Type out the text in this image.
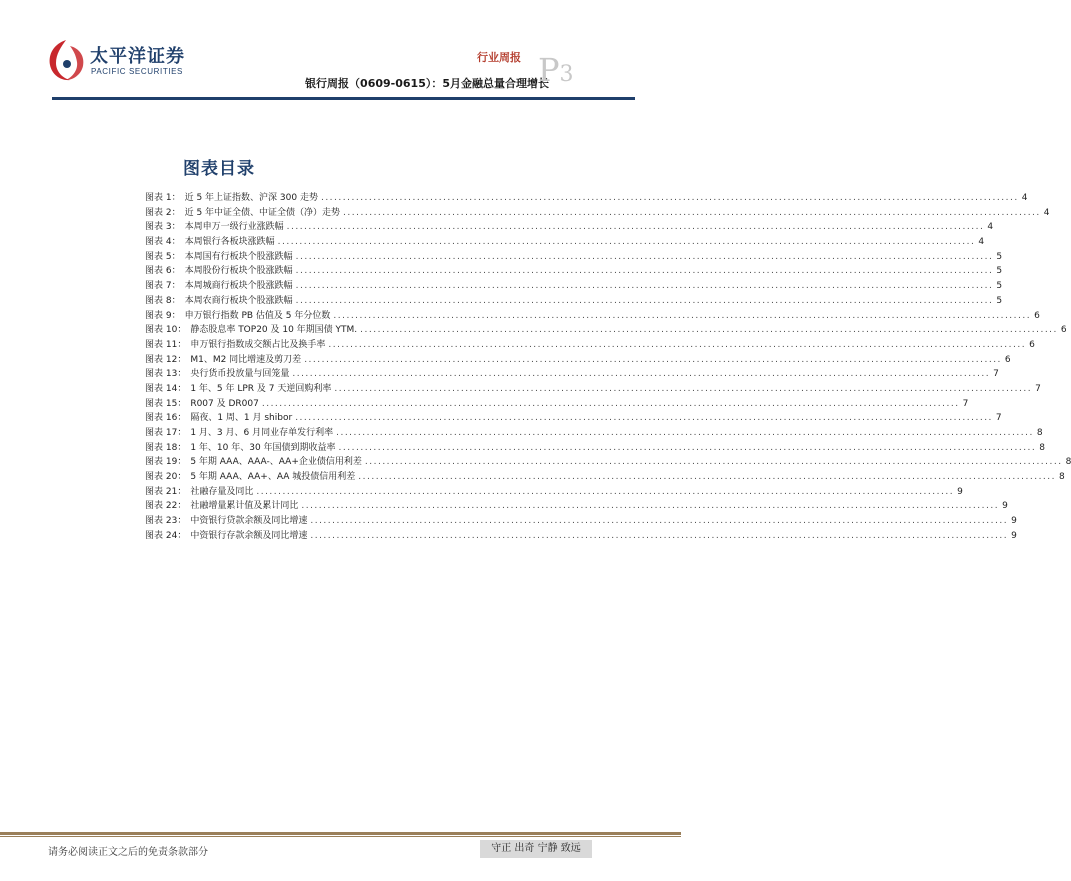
太平洋证券
PACIFIC SECURITIES
行业周报
银行周报（0609-0615）：5月金融总量合理增长
P3
图表目录
图表 1： 近 5 年上证指数、沪深 300 走势 ................................................................................................................................................................ 4
图表 2： 近 5 年中证全债、中证全债（净）走势 ................................................................................................................................................................ 4
图表 3： 本周申万一级行业涨跌幅 ................................................................................................................................................................ 4
图表 4： 本周银行各板块涨跌幅 ................................................................................................................................................................ 4
图表 5： 本周国有行板块个股涨跌幅 ................................................................................................................................................................ 5
图表 6： 本周股份行板块个股涨跌幅 ................................................................................................................................................................ 5
图表 7： 本周城商行板块个股涨跌幅 ................................................................................................................................................................ 5
图表 8： 本周农商行板块个股涨跌幅 ................................................................................................................................................................ 5
图表 9： 申万银行指数 PB 估值及 5 年分位数 ................................................................................................................................................................ 6
图表 10： 静态股息率 TOP20 及 10 年期国债 YTM. ................................................................................................................................................................ 6
图表 11： 申万银行指数成交额占比及换手率 ................................................................................................................................................................ 6
图表 12： M1、M2 同比增速及剪刀差 ................................................................................................................................................................ 6
图表 13： 央行货币投放量与回笼量 ................................................................................................................................................................ 7
图表 14： 1 年、5 年 LPR 及 7 天逆回购利率 ................................................................................................................................................................ 7
图表 15： R007 及 DR007 ................................................................................................................................................................ 7
图表 16： 隔夜、1 周、1 月 shibor ................................................................................................................................................................ 7
图表 17： 1 月、3 月、6 月同业存单发行利率 ................................................................................................................................................................ 8
图表 18： 1 年、10 年、30 年国债到期收益率 ................................................................................................................................................................ 8
图表 19： 5 年期 AAA、AAA-、AA+企业债信用利差 ................................................................................................................................................................ 8
图表 20： 5 年期 AAA、AA+、AA 城投债信用利差 ................................................................................................................................................................ 8
图表 21： 社融存量及同比 ................................................................................................................................................................ 9
图表 22： 社融增量累计值及累计同比 ................................................................................................................................................................ 9
图表 23： 中资银行贷款余额及同比增速 ................................................................................................................................................................ 9
图表 24： 中资银行存款余额及同比增速 ................................................................................................................................................................ 9
请务必阅读正文之后的免责条款部分	守正 出奇 宁静 致远
